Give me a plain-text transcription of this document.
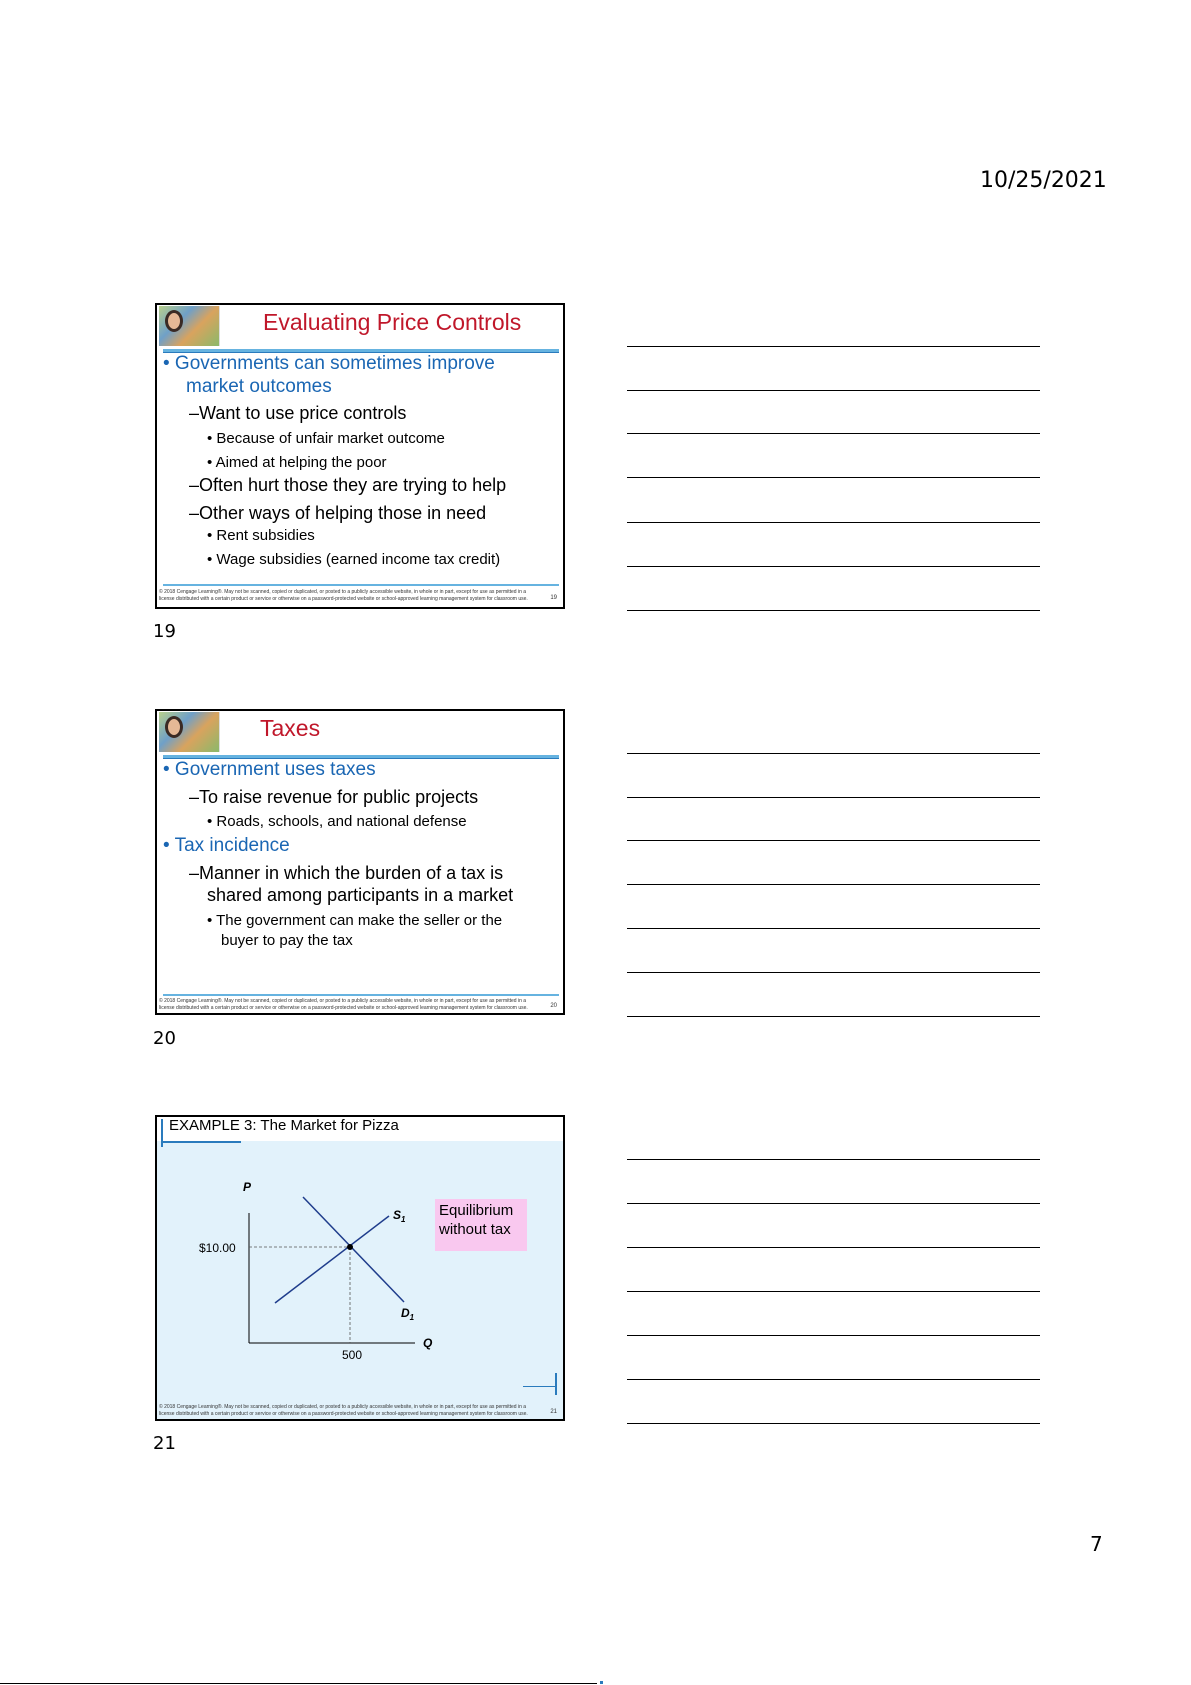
10/25/2021
Evaluating Price Controls
• Governments can sometimes improve
market outcomes
–Want to use price controls
• Because of unfair market outcome
• Aimed at helping the poor
–Often hurt those they are trying to help
–Other ways of helping those in need
• Rent subsidies
• Wage subsidies (earned income tax credit)
© 2018 Cengage Learning®. May not be scanned, copied or duplicated, or posted to a publicly accessible website, in whole or in part, except for use as permitted in a license distributed with a certain product or service or otherwise on a password-protected website or school-approved learning management system for classroom use.	19
19
Taxes
• Government uses taxes
–To raise revenue for public projects
• Roads, schools, and national defense
• Tax incidence
–Manner in which the burden of a tax is
shared among participants in a market
• The government can make the seller or the
buyer to pay the tax
© 2018 Cengage Learning®. May not be scanned, copied or duplicated, or posted to a publicly accessible website, in whole or in part, except for use as permitted in a license distributed with a certain product or service or otherwise on a password-protected website or school-approved learning management system for classroom use.	20
20
EXAMPLE 3: The Market for Pizza
P
Q
$10.00
500
$S_1$
$D_1$
Equilibrium
without tax
© 2018 Cengage Learning®. May not be scanned, copied or duplicated, or posted to a publicly accessible website, in whole or in part, except for use as permitted in a license distributed with a certain product or service or otherwise on a password-protected website or school-approved learning management system for classroom use.	21
21
7
